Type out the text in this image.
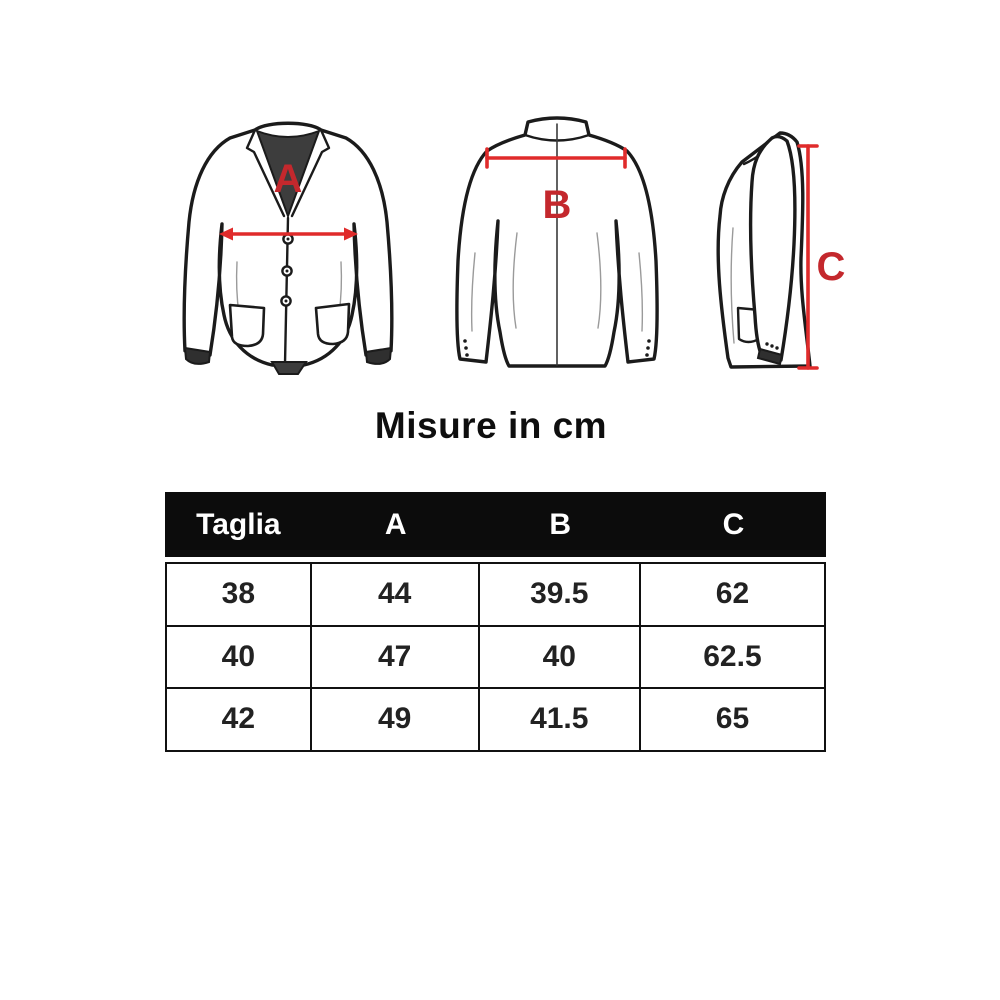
A
B
C
Misure in cm
Taglia	A	B	C
38	44	39.5	62
40	47	40	62.5
42	49	41.5	65
